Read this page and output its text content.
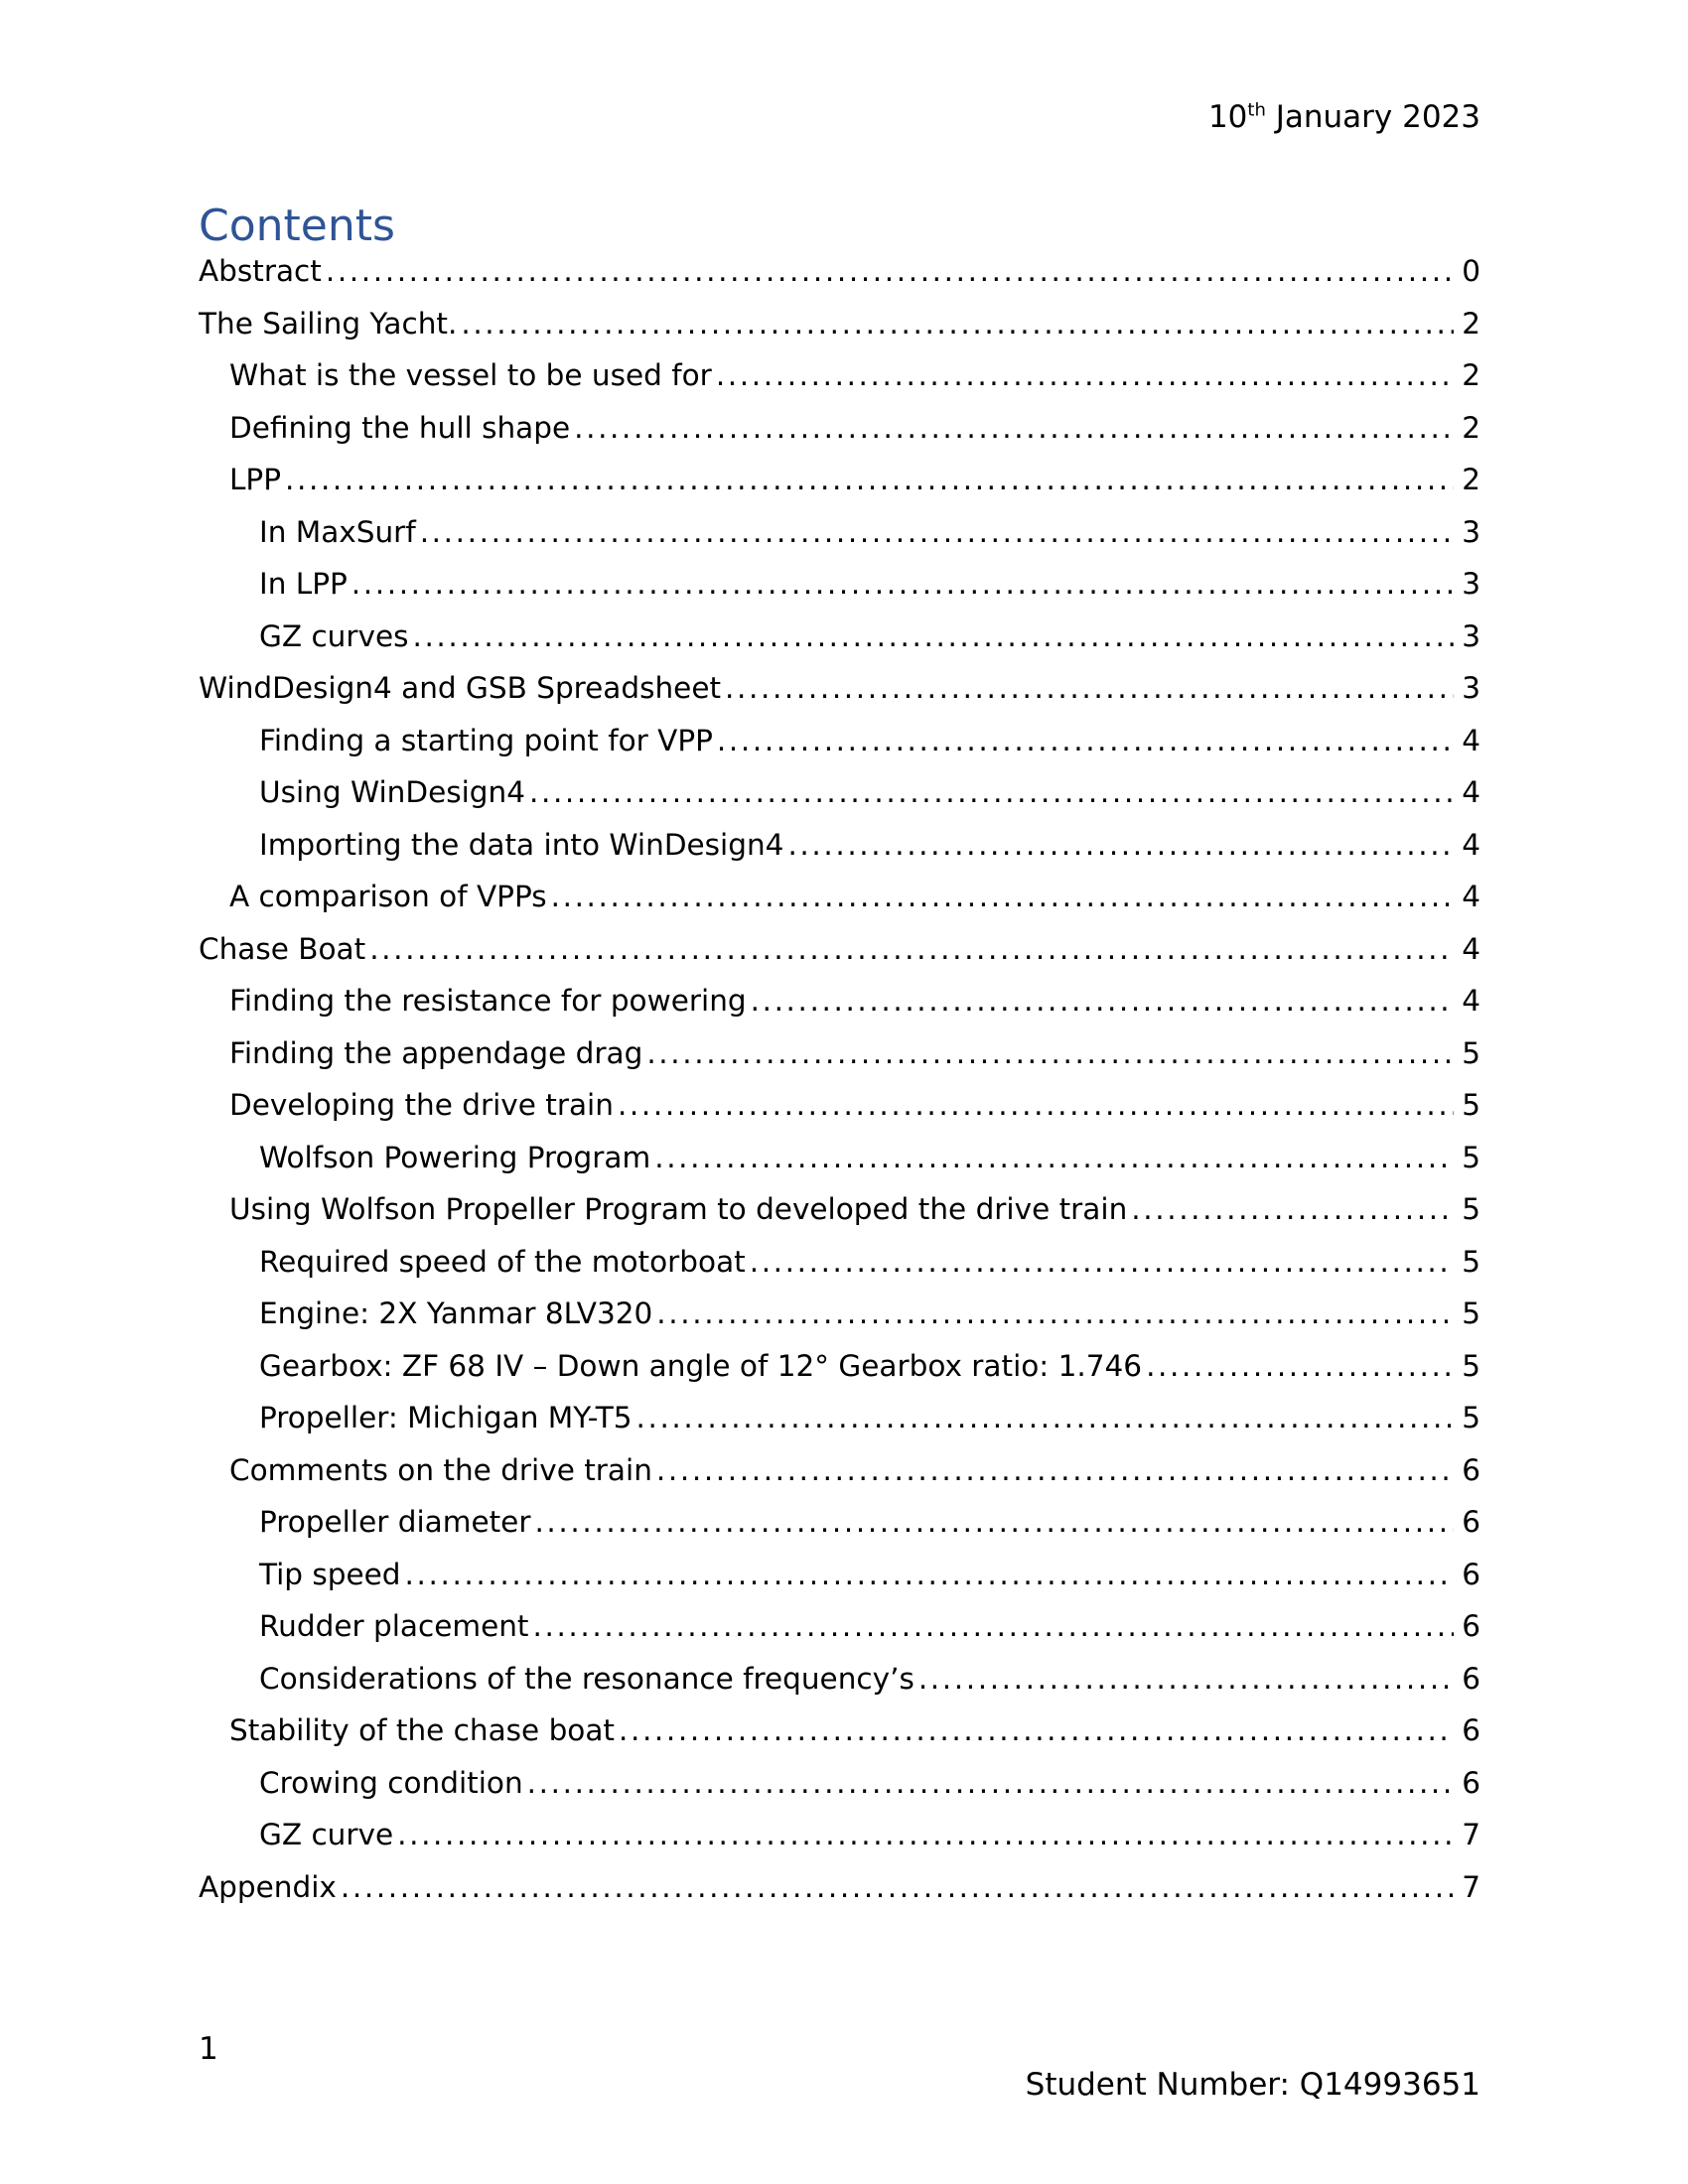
10th January 2023
Contents
Abstract .....	0
The Sailing Yacht. .....	2
What is the vessel to be used for .....	2
Defining the hull shape .....	2
LPP .....	2
In MaxSurf .....	3
In LPP .....	3
GZ curves .....	3
WindDesign4 and GSB Spreadsheet .....	3
Finding a starting point for VPP .....	4
Using WinDesign4 .....	4
Importing the data into WinDesign4 .....	4
A comparison of VPPs .....	4
Chase Boat .....	4
Finding the resistance for powering .....	4
Finding the appendage drag .....	5
Developing the drive train .....	5
Wolfson Powering Program .....	5
Using Wolfson Propeller Program to developed the drive train .....	5
Required speed of the motorboat .....	5
Engine: 2X Yanmar 8LV320 .....	5
Gearbox: ZF 68 IV – Down angle of 12° Gearbox ratio: 1.746 .....	5
Propeller: Michigan MY-T5 .....	5
Comments on the drive train .....	6
Propeller diameter .....	6
Tip speed .....	6
Rudder placement .....	6
Considerations of the resonance frequency’s .....	6
Stability of the chase boat .....	6
Crowing condition .....	6
GZ curve .....	7
Appendix .....	7
1
Student Number: Q14993651
